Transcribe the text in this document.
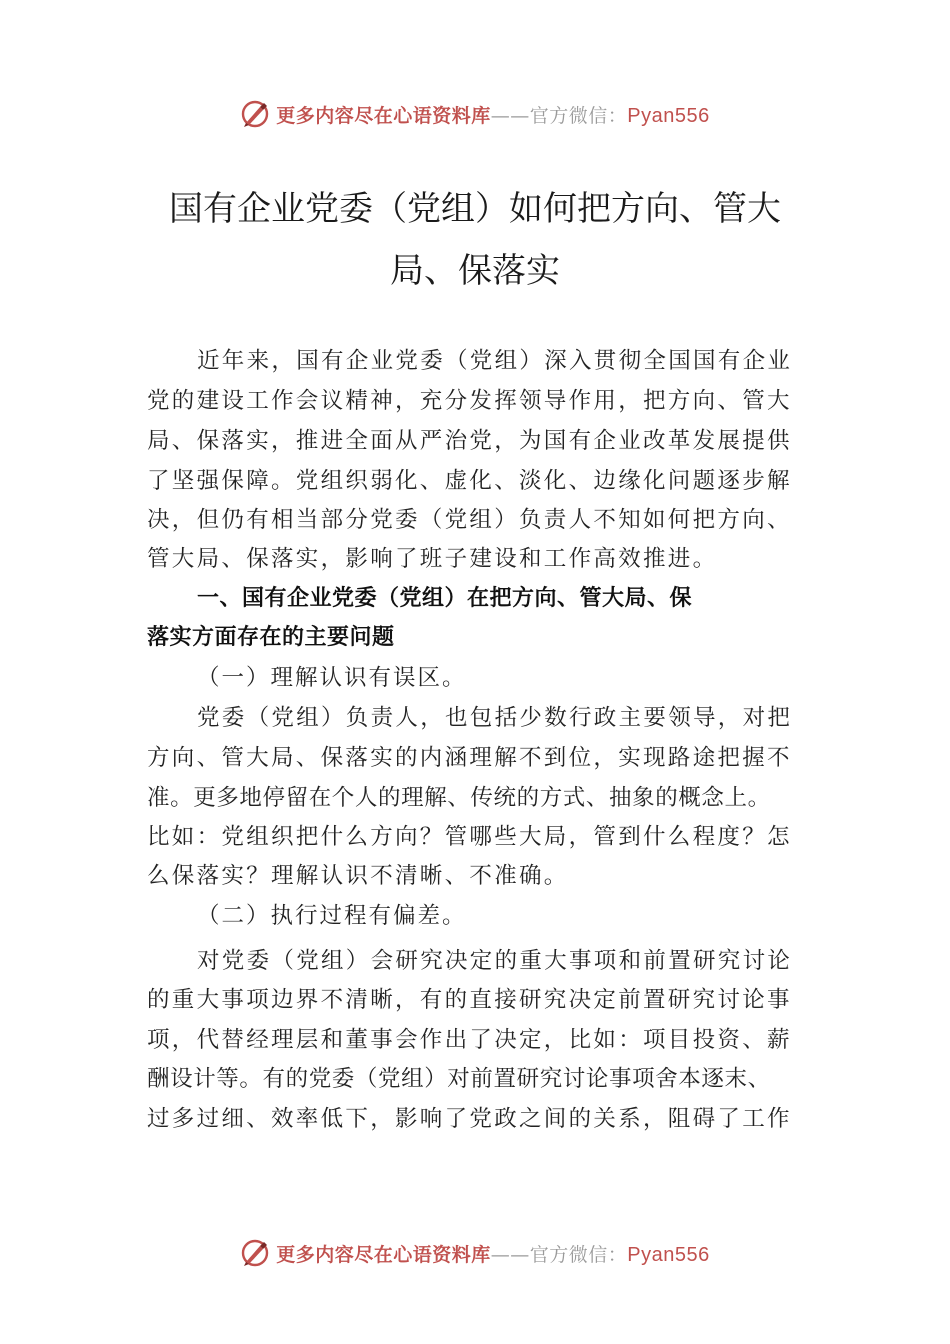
更多内容尽在心语资料库——官方微信：Pyan556
国有企业党委（党组）如何把方向、管大
局、保落实
近年来，国有企业党委（党组）深入贯彻全国国有企业
党的建设工作会议精神，充分发挥领导作用，把方向、管大
局、保落实，推进全面从严治党，为国有企业改革发展提供
了坚强保障。党组织弱化、虚化、淡化、边缘化问题逐步解
决，但仍有相当部分党委（党组）负责人不知如何把方向、
管大局、保落实，影响了班子建设和工作高效推进。
一、国有企业党委（党组）在把方向、管大局、保
落实方面存在的主要问题
（一）理解认识有误区。
党委（党组）负责人，也包括少数行政主要领导，对把
方向、管大局、保落实的内涵理解不到位，实现路途把握不
准。更多地停留在个人的理解、传统的方式、抽象的概念上。
比如：党组织把什么方向？管哪些大局，管到什么程度？怎
么保落实？理解认识不清晰、不准确。
（二）执行过程有偏差。
对党委（党组）会研究决定的重大事项和前置研究讨论
的重大事项边界不清晰，有的直接研究决定前置研究讨论事
项，代替经理层和董事会作出了决定，比如：项目投资、薪
酬设计等。有的党委（党组）对前置研究讨论事项舍本逐末、
过多过细、效率低下，影响了党政之间的关系，阻碍了工作
更多内容尽在心语资料库——官方微信：Pyan556
